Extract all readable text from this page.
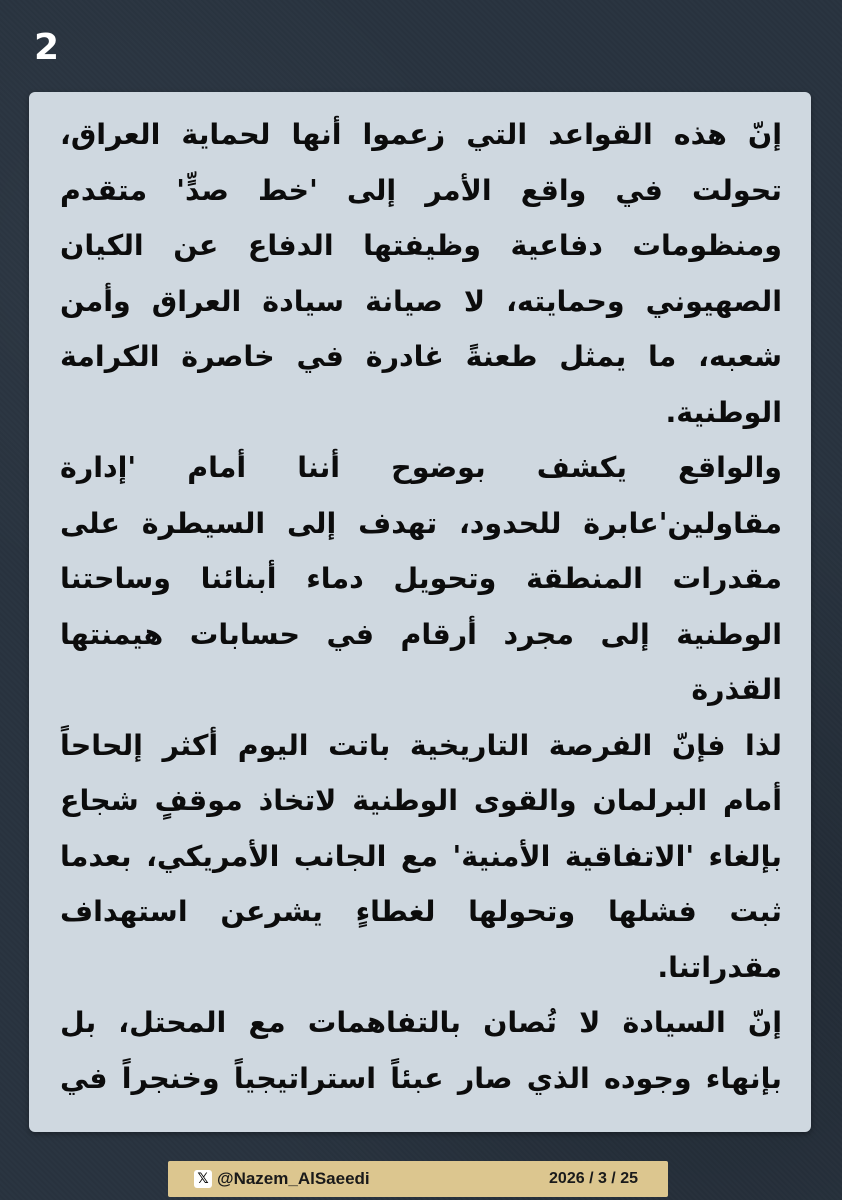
2

إنّ هذه القواعد التي زعموا أنها لحماية العراق، تحولت في واقع الأمر إلى 'خط صدٍّ' متقدم ومنظومات دفاعية وظيفتها الدفاع عن الكيان الصهيوني وحمايته، لا صيانة سيادة العراق وأمن شعبه، ما يمثل طعنةً غادرة في خاصرة الكرامة الوطنية.

والواقع يكشف بوضوح أننا أمام 'إدارة مقاولين'عابرة للحدود، تهدف إلى السيطرة على مقدرات المنطقة وتحويل دماء أبنائنا وساحتنا الوطنية إلى مجرد أرقام في حسابات هيمنتها القذرة

لذا فإنّ الفرصة التاريخية باتت اليوم أكثر إلحاحاً أمام البرلمان والقوى الوطنية لاتخاذ موقفٍ شجاع بإلغاء 'الاتفاقية الأمنية' مع الجانب الأمريكي، بعدما ثبت فشلها وتحولها لغطاءٍ يشرعن استهداف مقدراتنا.

إنّ السيادة لا تُصان بالتفاهمات مع المحتل، بل بإنهاء وجوده الذي صار عبئاً استراتيجياً وخنجراً في

𝕏 @Nazem_AlSaeedi	2026 / 3 / 25
